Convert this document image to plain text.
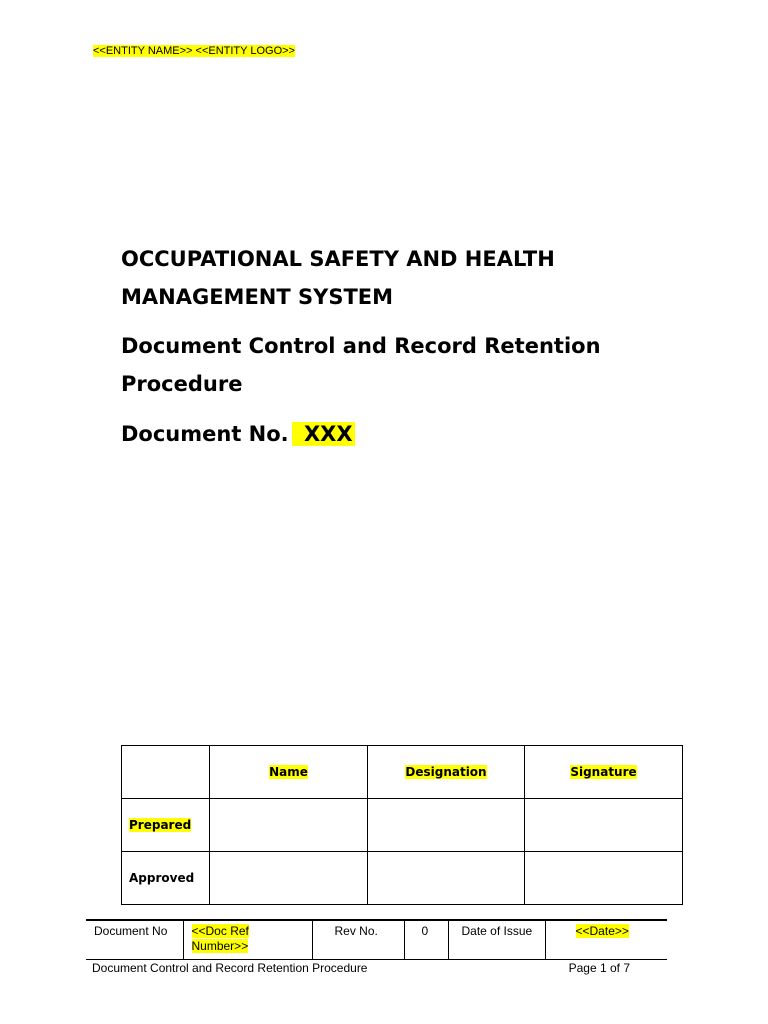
<<ENTITY NAME>> <<ENTITY LOGO>>
OCCUPATIONAL SAFETY AND HEALTH
MANAGEMENT SYSTEM
Document Control and Record Retention
Procedure
Document No. XXX
	Name	Designation	Signature
Prepared			
Approved			
Document No	<<Doc Ref Number>>	Rev No.	0	Date of Issue	<<Date>>
Document Control and Record Retention Procedure	Page 1 of 7
